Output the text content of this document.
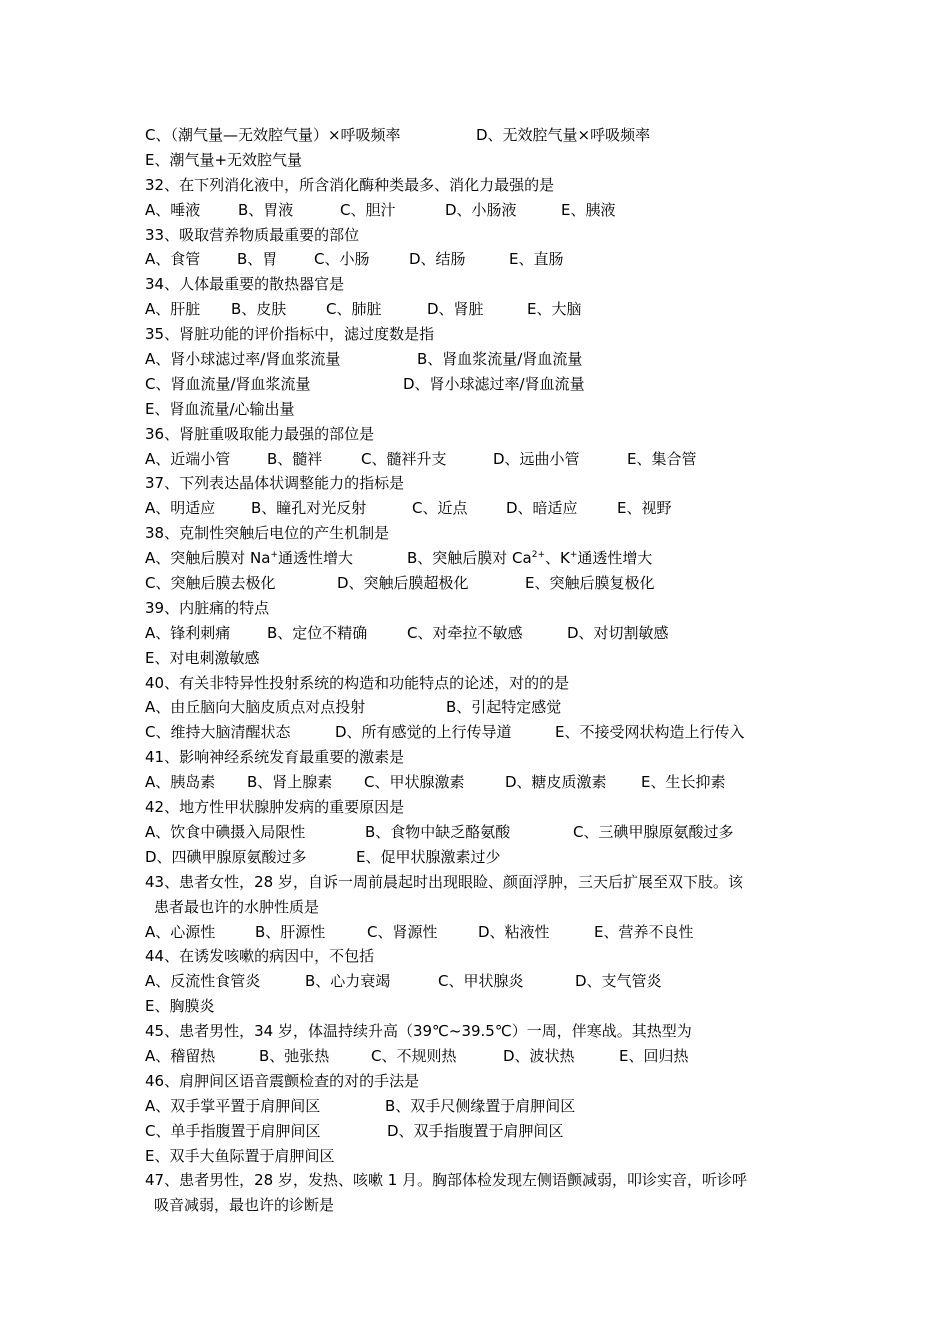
C、（潮气量—无效腔气量）×呼吸频率

	D、无效腔气量×呼吸频率

E、潮气量+无效腔气量

32、在下列消化液中，所含消化酶种类最多、消化力最强的是

A、唾液

	B、胃液

	C、胆汁

	D、小肠液

	E、胰液

33、吸取营养物质最重要的部位

A、食管

B、胃

C、小肠

	D、结肠

	E、直肠

34、人体最重要的散热器官是

A、肝脏

B、皮肤

	C、肺脏

	D、肾脏

	E、大脑

35、肾脏功能的评价指标中，滤过度数是指

A、肾小球滤过率/肾血浆流量

	B、肾血浆流量/肾血流量

C、肾血流量/肾血浆流量

	D、肾小球滤过率/肾血流量

E、肾血流量/心输出量

36、肾脏重吸取能力最强的部位是

A、近端小管

B、髓袢

	C、髓袢升支

	D、远曲小管

	E、集合管

37、下列表达晶体状调整能力的指标是

A、明适应

B、瞳孔对光反射

	C、近点

	D、暗适应

	E、视野

38、克制性突触后电位的产生机制是

A、突触后膜对 Na+通透性增大

	B、突触后膜对 $Ca^{2+}$、K+通透性增大

C、突触后膜去极化

	D、突触后膜超极化

	E、突触后膜复极化

39、内脏痛的特点

A、锋利刺痛

B、定位不精确

	C、对牵拉不敏感

	D、对切割敏感

E、对电刺激敏感

40、有关非特异性投射系统的构造和功能特点的论述，对的的是

A、由丘脑向大脑皮质点对点投射

	B、引起特定感觉

C、维持大脑清醒状态

	D、所有感觉的上行传导道

	E、不接受网状构造上行传入

41、影响神经系统发育最重要的激素是

A、胰岛素

B、肾上腺素

C、甲状腺激素

	D、糖皮质激素

E、生长抑素

42、地方性甲状腺肿发病的重要原因是

A、饮食中碘摄入局限性

	B、食物中缺乏酪氨酸

	C、三碘甲腺原氨酸过多

D、四碘甲腺原氨酸过多

	E、促甲状腺激素过少

43、患者女性，28 岁，自诉一周前晨起时出现眼睑、颜面浮肿，三天后扩展至双下肢。该

患者最也许的水肿性质是

A、心源性

	B、肝源性

	C、肾源性

	D、粘液性

	E、营养不良性

44、在诱发咳嗽的病因中，不包括

A、反流性食管炎

	B、心力衰竭

	C、甲状腺炎

	D、支气管炎

E、胸膜炎

45、患者男性，34 岁，体温持续升高（39℃~39.5℃）一周，伴寒战。其热型为

A、稽留热

	B、弛张热

	C、不规则热

	D、波状热

	E、回归热

46、肩胛间区语音震颤检查的对的手法是

A、双手掌平置于肩胛间区

	B、双手尺侧缘置于肩胛间区

C、单手指腹置于肩胛间区

	D、双手指腹置于肩胛间区

E、双手大鱼际置于肩胛间区

47、患者男性，28 岁，发热、咳嗽 1 月。胸部体检发现左侧语颤减弱，叩诊实音，听诊呼

吸音减弱，最也许的诊断是
